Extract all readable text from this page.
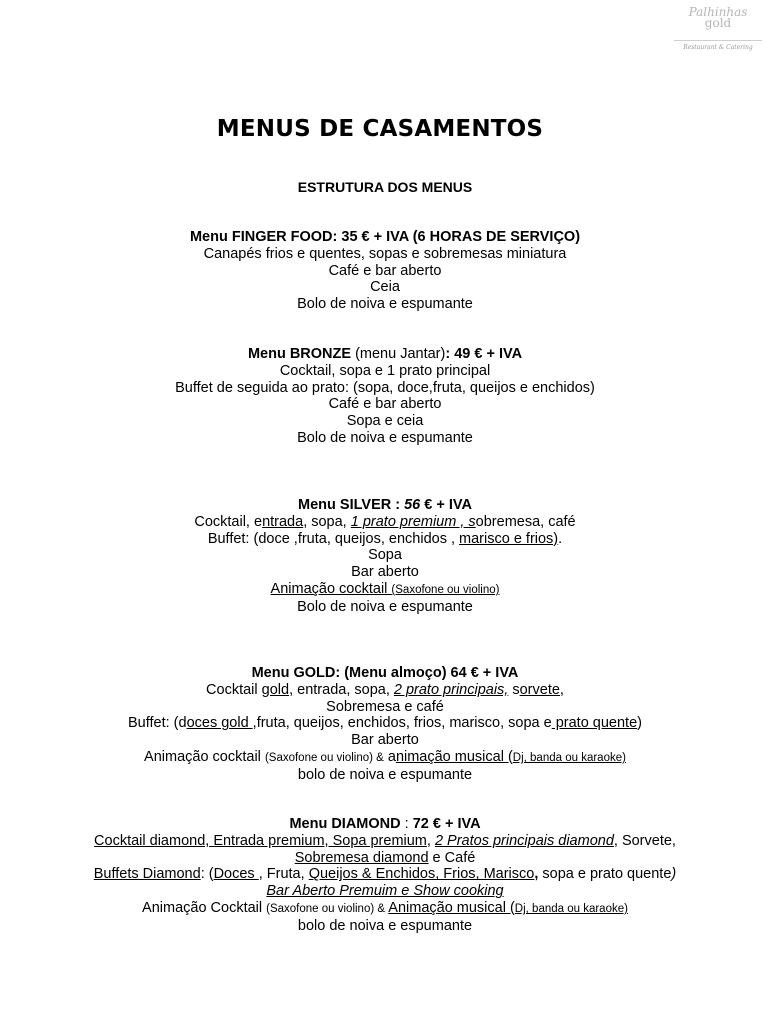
Palhinhas
gold
Restaurant & Catering
MENUS DE CASAMENTOS
ESTRUTURA DOS MENUS
Menu FINGER FOOD: 35 € + IVA (6 HORAS DE SERVIÇO)
Canapés frios e quentes, sopas e sobremesas miniatura
Café e bar aberto
Ceia
Bolo de noiva e espumante
Menu BRONZE (menu Jantar): 49 € + IVA
Cocktail, sopa e 1 prato principal
Buffet de seguida ao prato: (sopa, doce,fruta, queijos e enchidos)
Café e bar aberto
Sopa e ceia
Bolo de noiva e espumante
Menu SILVER : 56 € + IVA
Cocktail, entrada, sopa, 1 prato premium , sobremesa, café
Buffet: (doce ,fruta, queijos, enchidos , marisco e frios).
Sopa
Bar aberto
Animação cocktail (Saxofone ou violino)
Bolo de noiva e espumante
Menu GOLD: (Menu almoço) 64 € + IVA
Cocktail gold, entrada, sopa, 2 prato principais, sorvete,
Sobremesa e café
Buffet: (doces gold ,fruta, queijos, enchidos, frios, marisco, sopa e prato quente)
Bar aberto
Animação cocktail (Saxofone ou violino) & animação musical (Dj, banda ou karaoke)
bolo de noiva e espumante
Menu DIAMOND : 72 € + IVA
Cocktail diamond, Entrada premium, Sopa premium, 2 Pratos principais diamond, Sorvete,
Sobremesa diamond e Café
Buffets Diamond: (Doces , Fruta, Queijos & Enchidos, Frios, Marisco, sopa e prato quente)
Bar Aberto Premuim e Show cooking
Animação Cocktail (Saxofone ou violino) & Animação musical (Dj, banda ou karaoke)
bolo de noiva e espumante
